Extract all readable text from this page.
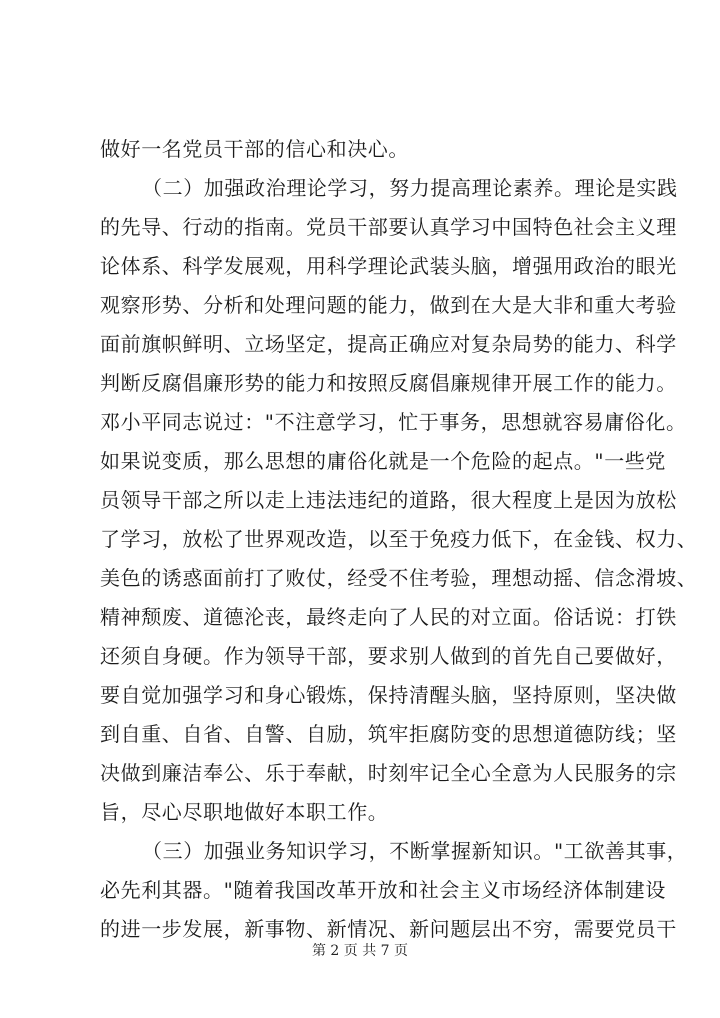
做好一名党员干部的信心和决心。
（二）加强政治理论学习，努力提高理论素养。理论是实践
的先导、行动的指南。党员干部要认真学习中国特色社会主义理
论体系、科学发展观，用科学理论武装头脑，增强用政治的眼光
观察形势、分析和处理问题的能力，做到在大是大非和重大考验
面前旗帜鲜明、立场坚定，提高正确应对复杂局势的能力、科学
判断反腐倡廉形势的能力和按照反腐倡廉规律开展工作的能力。
邓小平同志说过："不注意学习，忙于事务，思想就容易庸俗化。
如果说变质，那么思想的庸俗化就是一个危险的起点。"一些党
员领导干部之所以走上违法违纪的道路，很大程度上是因为放松
了学习，放松了世界观改造，以至于免疫力低下，在金钱、权力、
美色的诱惑面前打了败仗，经受不住考验，理想动摇、信念滑坡、
精神颓废、道德沦丧，最终走向了人民的对立面。俗话说：打铁
还须自身硬。作为领导干部，要求别人做到的首先自己要做好，
要自觉加强学习和身心锻炼，保持清醒头脑，坚持原则，坚决做
到自重、自省、自警、自励，筑牢拒腐防变的思想道德防线；坚
决做到廉洁奉公、乐于奉献，时刻牢记全心全意为人民服务的宗
旨，尽心尽职地做好本职工作。
（三）加强业务知识学习，不断掌握新知识。"工欲善其事，
必先利其器。"随着我国改革开放和社会主义市场经济体制建设
的进一步发展，新事物、新情况、新问题层出不穷，需要党员干
第 2 页 共 7 页
